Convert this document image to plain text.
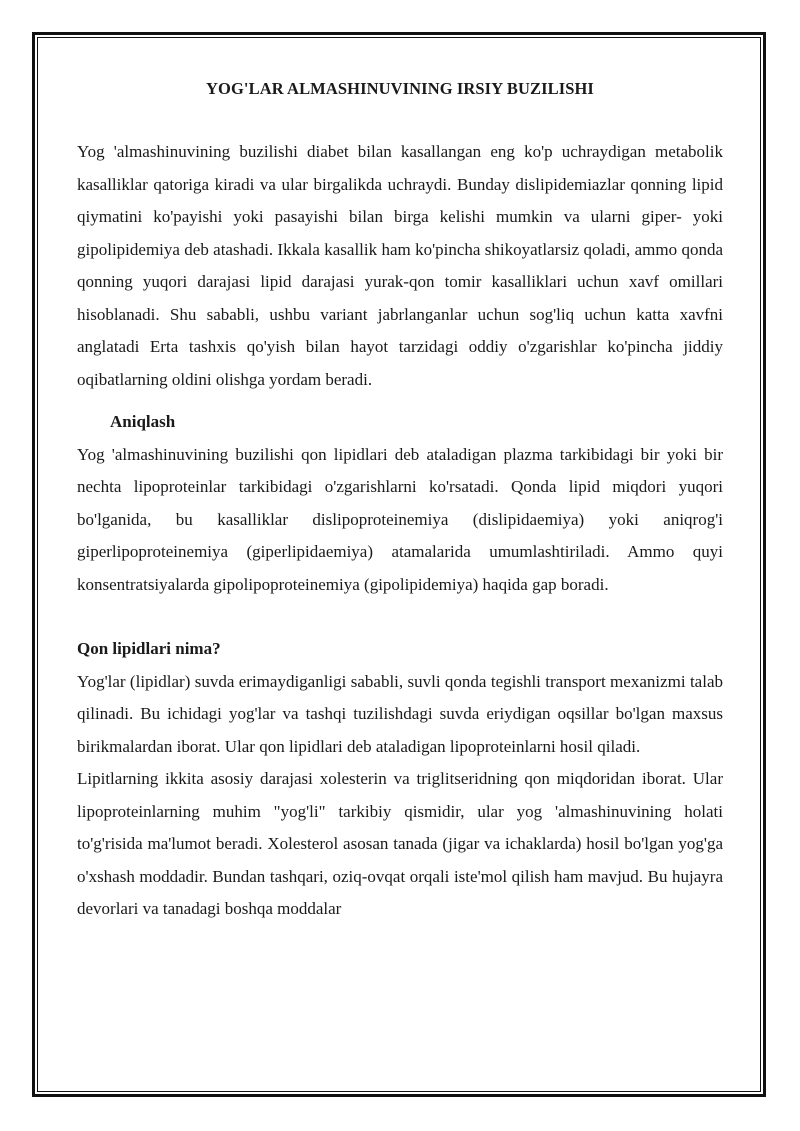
YOG'LAR ALMASHINUVINING IRSIY BUZILISHI

Yog 'almashinuvining buzilishi diabet bilan kasallangan eng ko'p uchraydigan metabolik kasalliklar qatoriga kiradi va ular birgalikda uchraydi. Bunday dislipidemiazlar qonning lipid qiymatini ko'payishi yoki pasayishi bilan birga kelishi mumkin va ularni giper- yoki gipolipidemiya deb atashadi. Ikkala kasallik ham ko'pincha shikoyatlarsiz qoladi, ammo qonda qonning yuqori darajasi lipid darajasi yurak-qon tomir kasalliklari uchun xavf omillari hisoblanadi. Shu sababli, ushbu variant jabrlanganlar uchun sog'liq uchun katta xavfni anglatadi Erta tashxis qo'yish bilan hayot tarzidagi oddiy o'zgarishlar ko'pincha jiddiy oqibatlarning oldini olishga yordam beradi.

Aniqlash

Yog 'almashinuvining buzilishi qon lipidlari deb ataladigan plazma tarkibidagi bir yoki bir nechta lipoproteinlar tarkibidagi o'zgarishlarni ko'rsatadi. Qonda lipid miqdori yuqori bo'lganida, bu kasalliklar dislipoproteinemiya (dislipidaemiya) yoki aniqrog'i giperlipoproteinemiya (giperlipidaemiya) atamalarida umumlashtiriladi. Ammo quyi konsentratsiyalarda gipolipoproteinemiya (gipolipidemiya) haqida gap boradi.

Qon lipidlari nima?

Yog'lar (lipidlar) suvda erimaydiganligi sababli, suvli qonda tegishli transport mexanizmi talab qilinadi. Bu ichidagi yog'lar va tashqi tuzilishdagi suvda eriydigan oqsillar bo'lgan maxsus birikmalardan iborat. Ular qon lipidlari deb ataladigan lipoproteinlarni hosil qiladi.

Lipitlarning ikkita asosiy darajasi xolesterin va triglitseridning qon miqdoridan iborat. Ular lipoproteinlarning muhim "yog'li" tarkibiy qismidir, ular yog 'almashinuvining holati to'g'risida ma'lumot beradi. Xolesterol asosan tanada (jigar va ichaklarda) hosil bo'lgan yog'ga o'xshash moddadir. Bundan tashqari, oziq-ovqat orqali iste'mol qilish ham mavjud. Bu hujayra devorlari va tanadagi boshqa moddalar
